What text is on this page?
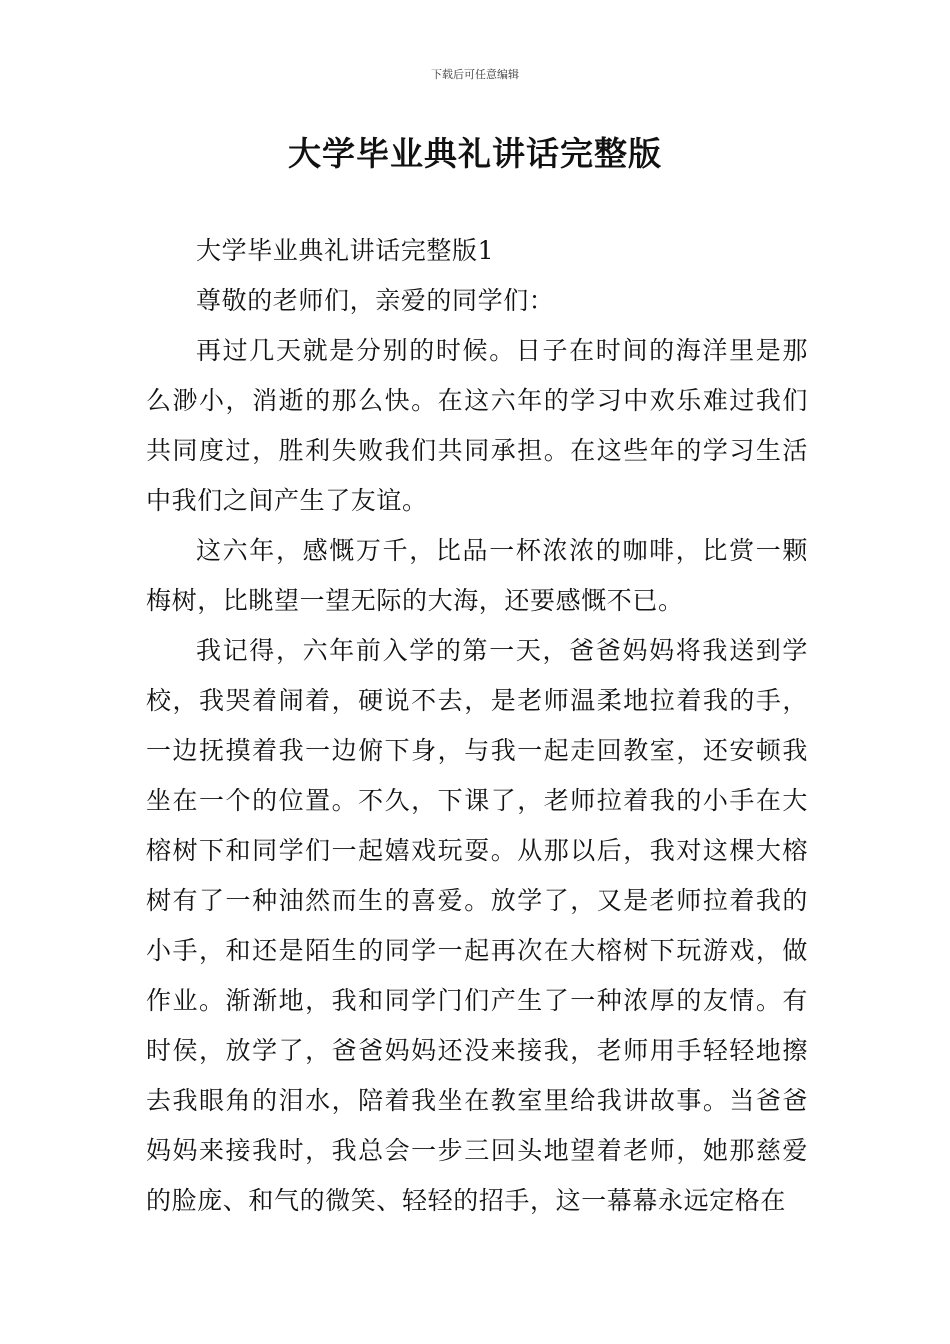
下载后可任意编辑
大学毕业典礼讲话完整版

大学毕业典礼讲话完整版1

尊敬的老师们，亲爱的同学们：

再过几天就是分别的时候。日子在时间的海洋里是那么渺小，消逝的那么快。在这六年的学习中欢乐难过我们共同度过，胜利失败我们共同承担。在这些年的学习生活中我们之间产生了友谊。

这六年，感慨万千，比品一杯浓浓的咖啡，比赏一颗梅树，比眺望一望无际的大海，还要感慨不已。

我记得，六年前入学的第一天，爸爸妈妈将我送到学校，我哭着闹着，硬说不去，是老师温柔地拉着我的手，一边抚摸着我一边俯下身，与我一起走回教室，还安顿我坐在一个的位置。不久，下课了，老师拉着我的小手在大榕树下和同学们一起嬉戏玩耍。从那以后，我对这棵大榕树有了一种油然而生的喜爱。放学了，又是老师拉着我的小手，和还是陌生的同学一起再次在大榕树下玩游戏，做作业。渐渐地，我和同学门们产生了一种浓厚的友情。有时侯，放学了，爸爸妈妈还没来接我，老师用手轻轻地擦去我眼角的泪水，陪着我坐在教室里给我讲故事。当爸爸妈妈来接我时，我总会一步三回头地望着老师，她那慈爱的脸庞、和气的微笑、轻轻的招手，这一幕幕永远定格在
